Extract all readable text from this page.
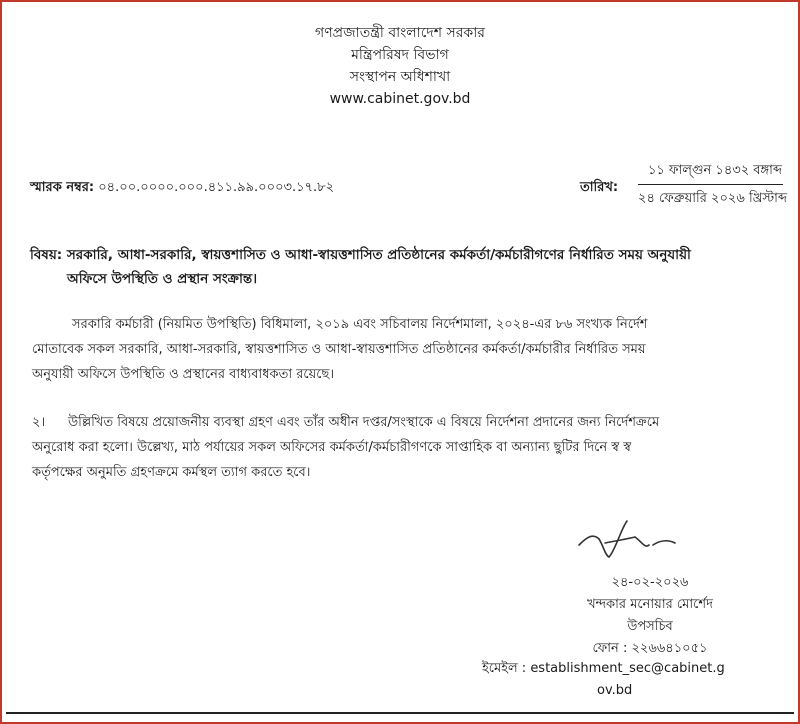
গণপ্রজাতন্ত্রী বাংলাদেশ সরকার
মন্ত্রিপরিষদ বিভাগ
সংস্থাপন অধিশাখা
www.cabinet.gov.bd
স্মারক নম্বর: ০৪.০০.০০০০.০০০.৪১১.৯৯.০০০৩.১৭.৮২	তারিখ:
১১ ফাল্গুন ১৪৩২ বঙ্গাব্দ
২৪ ফেব্রুয়ারি ২০২৬ খ্রিস্টাব্দ
বিষয়: সরকারি, আধা-সরকারি, স্বায়ত্তশাসিত ও আধা-স্বায়ত্তশাসিত প্রতিষ্ঠানের কর্মকর্তা/কর্মচারীগণের নির্ধারিত সময় অনুযায়ী
অফিসে উপস্থিতি ও প্রস্থান সংক্রান্ত।
সরকারি কর্মচারী (নিয়মিত উপস্থিতি) বিধিমালা, ২০১৯ এবং সচিবালয় নির্দেশমালা, ২০২৪-এর ৮৬ সংখ্যক নির্দেশ
মোতাবেক সকল সরকারি, আধা-সরকারি, স্বায়ত্তশাসিত ও আধা-স্বায়ত্তশাসিত প্রতিষ্ঠানের কর্মকর্তা/কর্মচারীর নির্ধারিত সময়
অনুযায়ী অফিসে উপস্থিতি ও প্রস্থানের বাধ্যবাধকতা রয়েছে।
২। উল্লিখিত বিষয়ে প্রয়োজনীয় ব্যবস্থা গ্রহণ এবং তাঁর অধীন দপ্তর/সংস্থাকে এ বিষয়ে নির্দেশনা প্রদানের জন্য নির্দেশক্রমে
অনুরোধ করা হলো। উল্লেখ্য, মাঠ পর্যায়ের সকল অফিসের কর্মকর্তা/কর্মচারীগণকে সাপ্তাহিক বা অন্যান্য ছুটির দিনে স্ব স্ব
কর্তৃপক্ষের অনুমতি গ্রহণক্রমে কর্মস্থল ত্যাগ করতে হবে।
২৪-০২-২০২৬
খন্দকার মনোয়ার মোর্শেদ
উপসচিব
ফোন : ২২৬৬৪১০৫১
ইমেইল : establishment_sec@cabinet.g
ov.bd
